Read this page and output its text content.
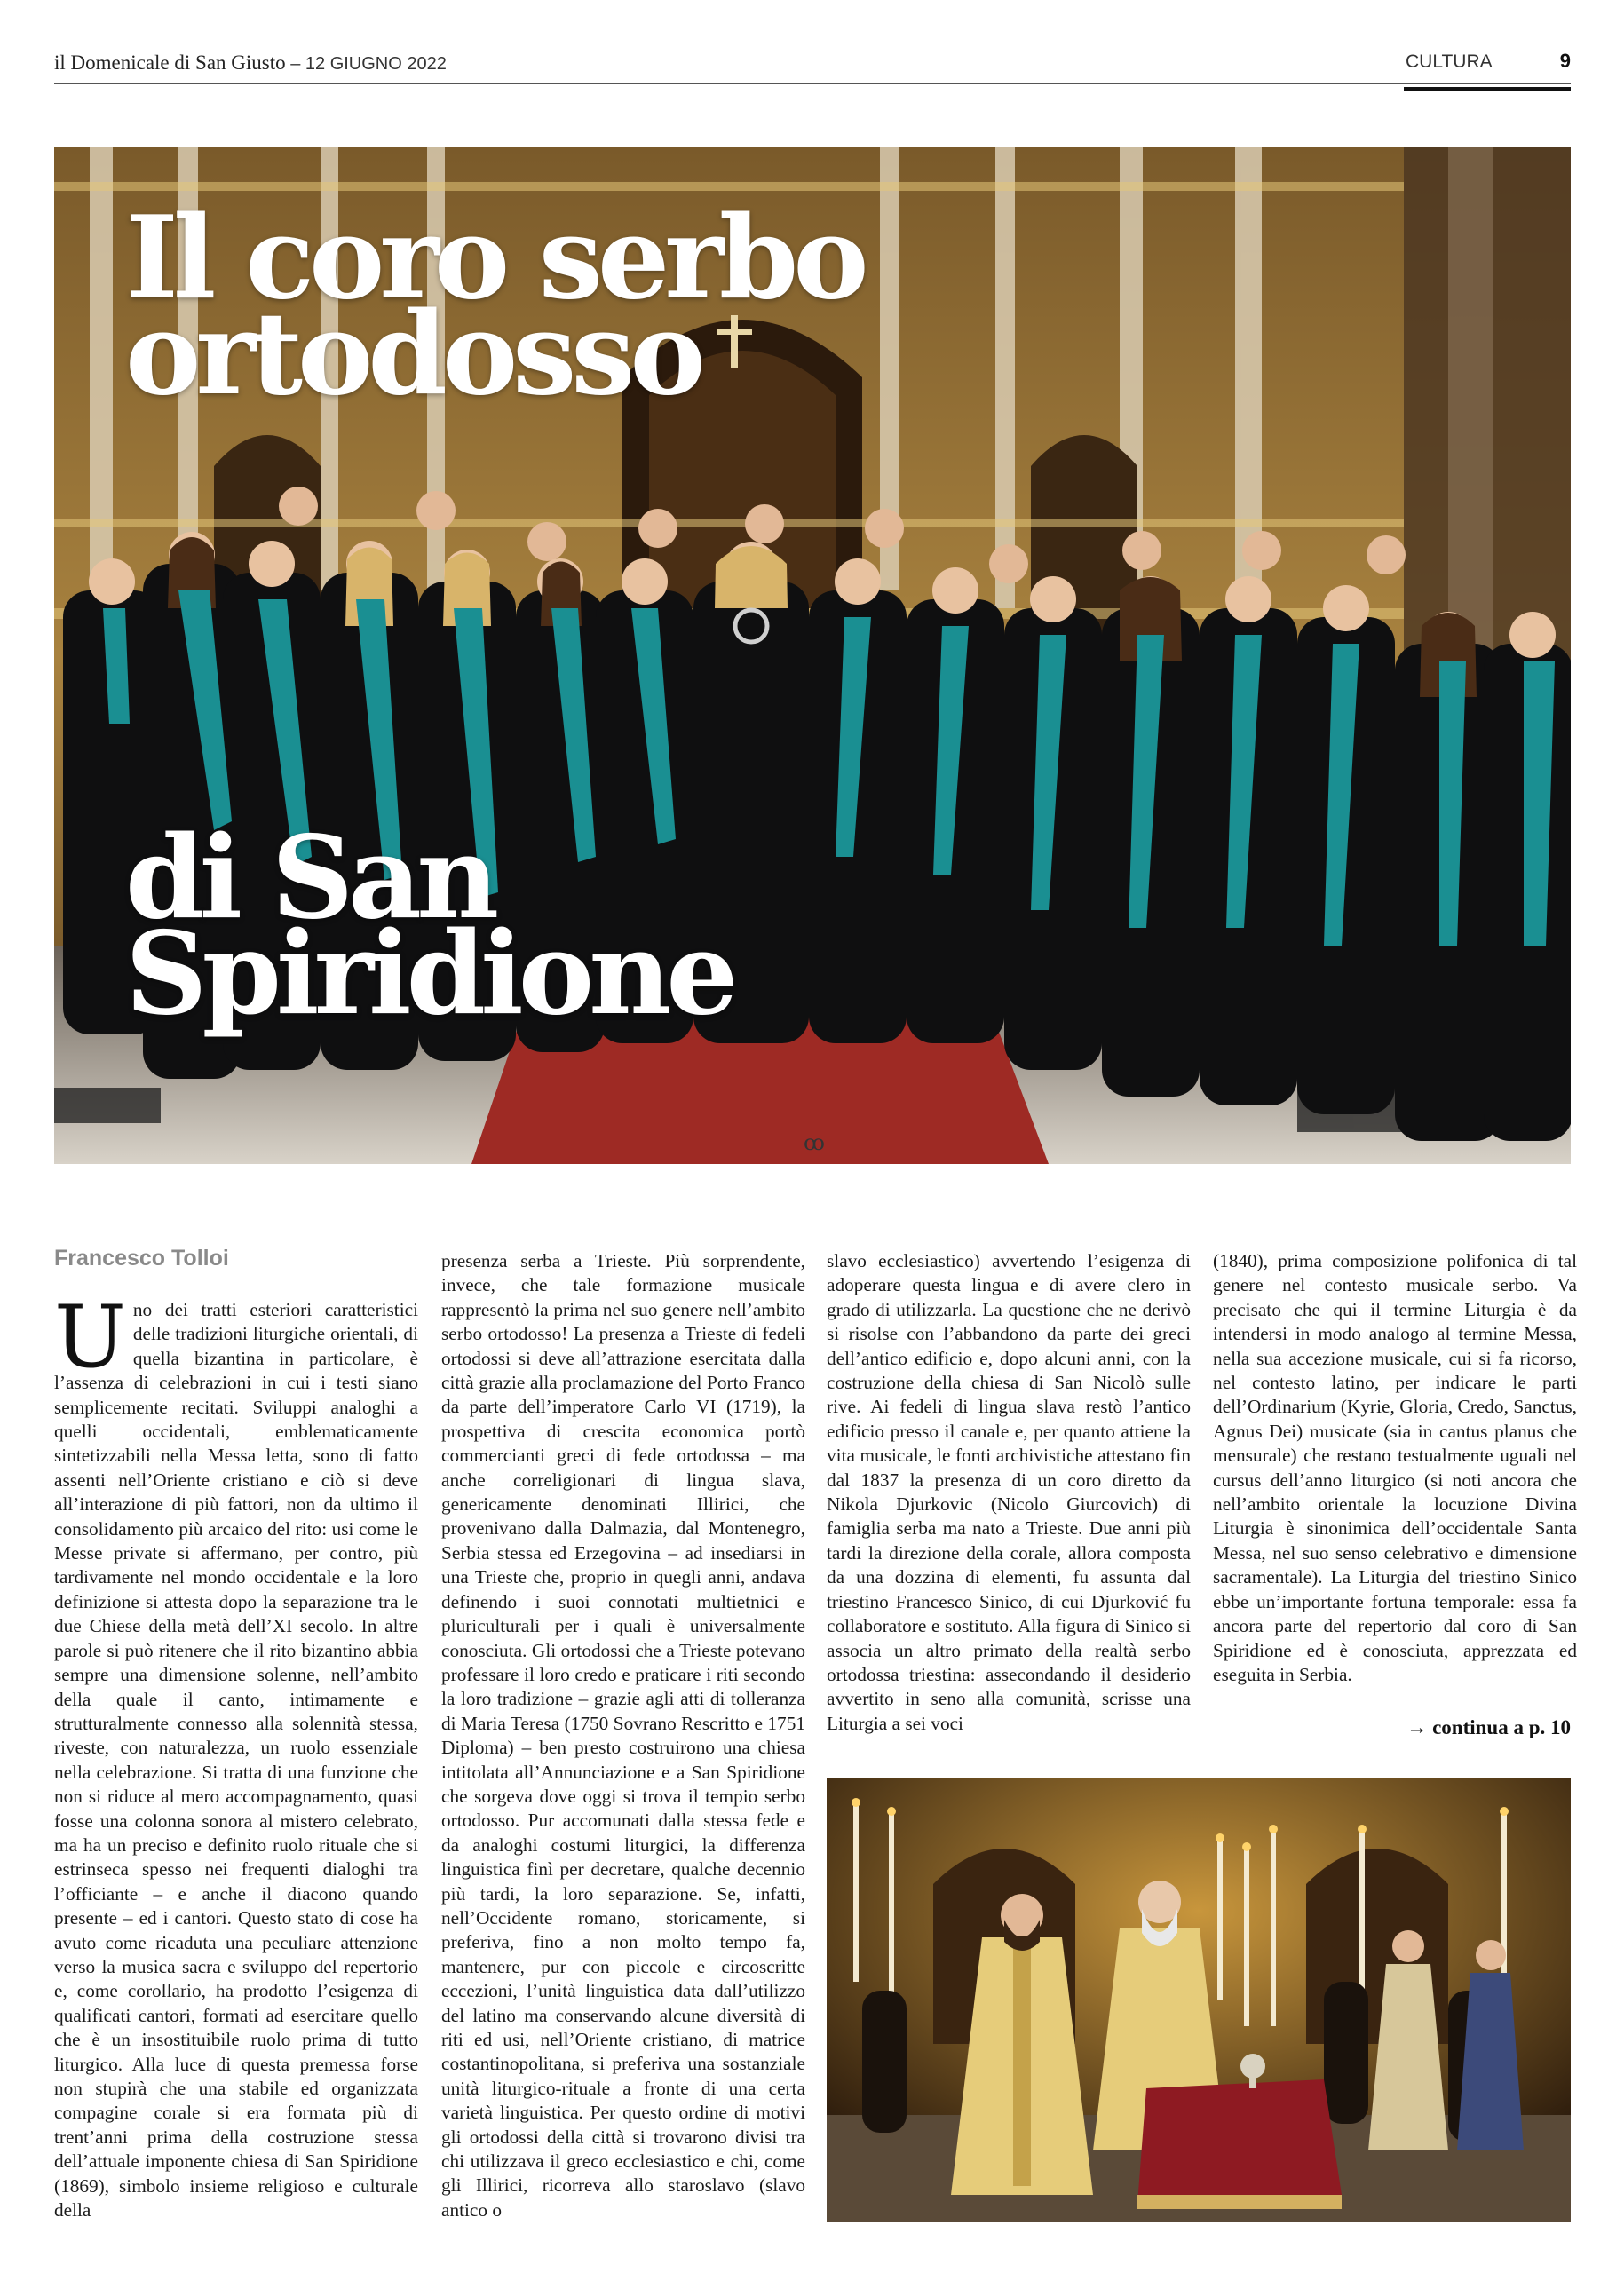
il Domenicale di San Giusto – 12 GIUGNO 2022	CULTURA	9
Il coro serbo
ortodosso
di San
Spiridione
ꝏ
Francesco Tolloi

Uno dei tratti esteriori caratteristici delle tradizioni liturgiche orientali, di quella bizantina in particolare, è l’assenza di celebrazioni in cui i testi siano semplicemente recitati. Sviluppi analoghi a quelli occidentali, emblematicamente sintetizzabili nella Messa letta, sono di fatto assenti nell’Oriente cristiano e ciò si deve all’interazione di più fattori, non da ultimo il consolidamento più arcaico del rito: usi come le Messe private si affermano, per contro, più tardivamente nel mondo occidentale e la loro definizione si attesta dopo la separazione tra le due Chiese della metà dell’XI secolo. In altre parole si può ritenere che il rito bizantino abbia sempre una dimensione solenne, nell’ambito della quale il canto, intimamente e strutturalmente connesso alla solennità stessa, riveste, con naturalezza, un ruolo essenziale nella celebrazione. Si tratta di una funzione che non si riduce al mero accompagnamento, quasi fosse una colonna sonora al mistero celebrato, ma ha un preciso e definito ruolo rituale che si estrinseca spesso nei frequenti dialoghi tra l’officiante – e anche il diacono quando presente – ed i cantori. Questo stato di cose ha avuto come ricaduta una peculiare attenzione verso la musica sacra e sviluppo del repertorio e, come corollario, ha prodotto l’esigenza di qualificati cantori, formati ad esercitare quello che è un insostituibile ruolo prima di tutto liturgico. Alla luce di questa premessa forse non stupirà che una stabile ed organizzata compagine corale si era formata più di trent’anni prima della costruzione stessa dell’attuale imponente chiesa di San Spiridione (1869), simbolo insieme religioso e culturale della

presenza serba a Trieste. Più sorprendente, invece, che tale formazione musicale rappresentò la prima nel suo genere nell’ambito serbo ortodosso! La presenza a Trieste di fedeli ortodossi si deve all’attrazione esercitata dalla città grazie alla proclamazione del Porto Franco da parte dell’imperatore Carlo VI (1719), la prospettiva di crescita economica portò commercianti greci di fede ortodossa – ma anche correligionari di lingua slava, genericamente denominati Illirici, che provenivano dalla Dalmazia, dal Montenegro, Serbia stessa ed Erzegovina – ad insediarsi in una Trieste che, proprio in quegli anni, andava definendo i suoi connotati multietnici e pluriculturali per i quali è universalmente conosciuta. Gli ortodossi che a Trieste potevano professare il loro credo e praticare i riti secondo la loro tradizione – grazie agli atti di tolleranza di Maria Teresa (1750 Sovrano Rescritto e 1751 Diploma) – ben presto costruirono una chiesa intitolata all’Annunciazione e a San Spiridione che sorgeva dove oggi si trova il tempio serbo ortodosso. Pur accomunati dalla stessa fede e da analoghi costumi liturgici, la differenza linguistica finì per decretare, qualche decennio più tardi, la loro separazione. Se, infatti, nell’Occidente romano, storicamente, si preferiva, fino a non molto tempo fa, mantenere, pur con piccole e circoscritte eccezioni, l’unità linguistica data dall’utilizzo del latino ma conservando alcune diversità di riti ed usi, nell’Oriente cristiano, di matrice costantinopolitana, si preferiva una sostanziale unità liturgico-rituale a fronte di una certa varietà linguistica. Per questo ordine di motivi gli ortodossi della città si trovarono divisi tra chi utilizzava il greco ecclesiastico e chi, come gli Illirici, ricorreva allo staroslavo (slavo antico o

slavo ecclesiastico) avvertendo l’esigenza di adoperare questa lingua e di avere clero in grado di utilizzarla. La questione che ne derivò si risolse con l’abbandono da parte dei greci dell’antico edificio e, dopo alcuni anni, con la costruzione della chiesa di San Nicolò sulle rive. Ai fedeli di lingua slava restò l’antico edificio presso il canale e, per quanto attiene la vita musicale, le fonti archivistiche attestano fin dal 1837 la presenza di un coro diretto da Nikola Djurkovic (Nicolo Giurcovich) di famiglia serba ma nato a Trieste. Due anni più tardi la direzione della corale, allora composta da una dozzina di elementi, fu assunta dal triestino Francesco Sinico, di cui Djurković fu collaboratore e sostituto. Alla figura di Sinico si associa un altro primato della realtà serbo ortodossa triestina: assecondando il desiderio avvertito in seno alla comunità, scrisse una Liturgia a sei voci

(1840), prima composizione polifonica di tal genere nel contesto musicale serbo. Va precisato che qui il termine Liturgia è da intendersi in modo analogo al termine Messa, nella sua accezione musicale, cui si fa ricorso, nel contesto latino, per indicare le parti dell’Ordinarium (Kyrie, Gloria, Credo, Sanctus, Agnus Dei) musicate (sia in cantus planus che mensurale) che restano testualmente uguali nel cursus dell’anno liturgico (si noti ancora che nell’ambito orientale la locuzione Divina Liturgia è sinonimica dell’occidentale Santa Messa, nel suo senso celebrativo e dimensione sacramentale). La Liturgia del triestino Sinico ebbe un’importante fortuna temporale: essa fa ancora parte del repertorio dal coro di San Spiridione ed è conosciuta, apprezzata ed eseguita in Serbia.

→ continua a p. 10
